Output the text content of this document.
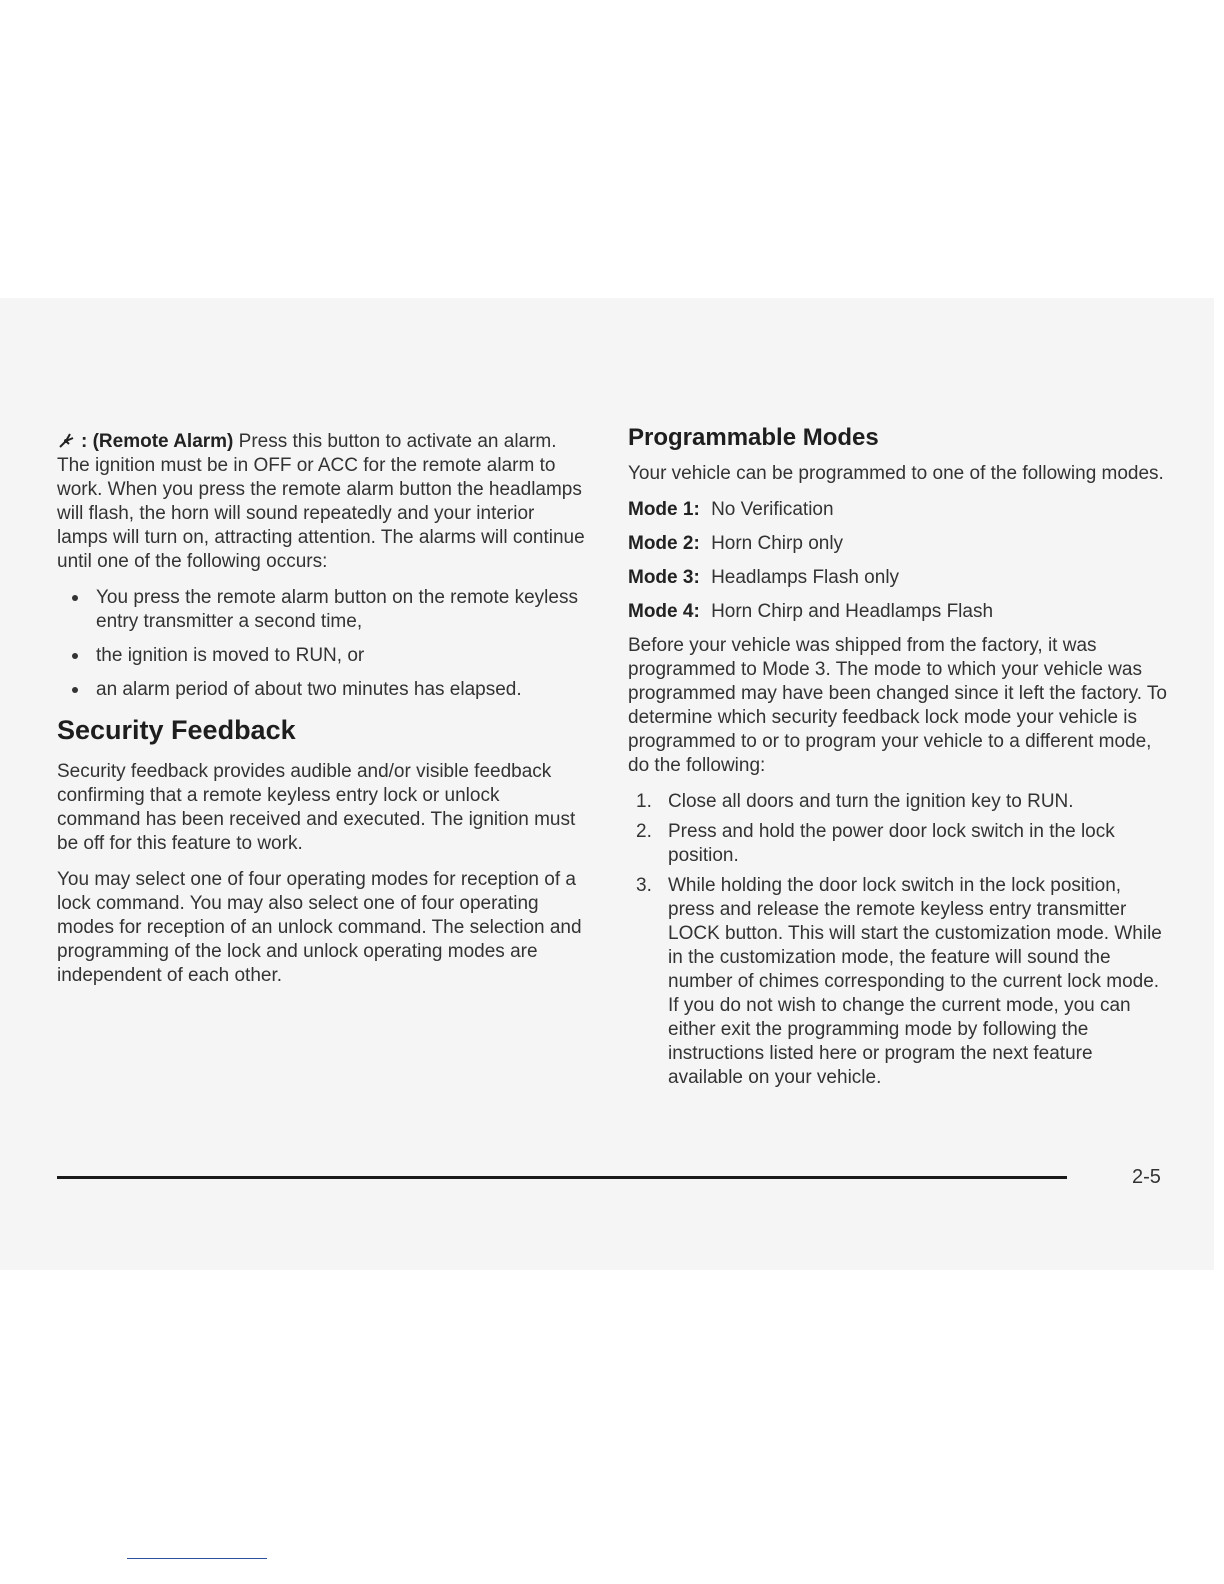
: (Remote Alarm) Press this button to activate an alarm. The ignition must be in OFF or ACC for the remote alarm to work. When you press the remote alarm button the headlamps will flash, the horn will sound repeatedly and your interior lamps will turn on, attracting attention. The alarms will continue until one of the following occurs:

You press the remote alarm button on the remote keyless entry transmitter a second time,
the ignition is moved to RUN, or
an alarm period of about two minutes has elapsed.
Security Feedback

Security feedback provides audible and/or visible feedback confirming that a remote keyless entry lock or unlock command has been received and executed. The ignition must be off for this feature to work.

You may select one of four operating modes for reception of a lock command. You may also select one of four operating modes for reception of an unlock command. The selection and programming of the lock and unlock operating modes are independent of each other.

Programmable Modes

Your vehicle can be programmed to one of the following modes.

Mode 1: No Verification
Mode 2: Horn Chirp only
Mode 3: Headlamps Flash only
Mode 4: Horn Chirp and Headlamps Flash

Before your vehicle was shipped from the factory, it was programmed to Mode 3. The mode to which your vehicle was programmed may have been changed since it left the factory. To determine which security feedback lock mode your vehicle is programmed to or to program your vehicle to a different mode, do the following:

1. Close all doors and turn the ignition key to RUN.
2. Press and hold the power door lock switch in the lock position.
3. While holding the door lock switch in the lock position, press and release the remote keyless entry transmitter LOCK button. This will start the customization mode. While in the customization mode, the feature will sound the number of chimes corresponding to the current lock mode. If you do not wish to change the current mode, you can either exit the programming mode by following the instructions listed here or program the next feature available on your vehicle.
2-5
